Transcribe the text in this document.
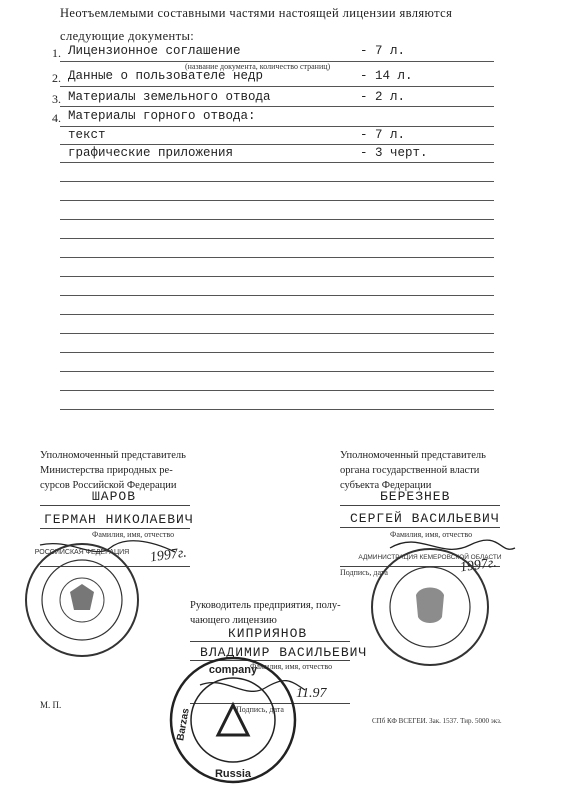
Неотъемлемыми составными частями настоящей лицензии являются
следующие документы:
1. Лицензионное соглашение	- 7 л.
(название документа, количество страниц)
2. Данные о пользователе недр	- 14 л.
3. Материалы земельного отвода	- 2 л.
4. Материалы горного отвода:
текст	- 7 л.
графические приложения	- 3 черт.
Уполномоченный представитель
Министерства природных ре-
сурсов Российской Федерации
ШАРОВ
ГЕРМАН НИКОЛАЕВИЧ
Фамилия, имя, отчество
1997г.
Уполномоченный представитель
органа государственной власти
субъекта Федерации
БЕРЕЗНЕВ
СЕРГЕЙ ВАСИЛЬЕВИЧ
Фамилия, имя, отчество
Подпись, дата	1997г.
Руководитель предприятия, полу-
чающего лицензию
КИПРИЯНОВ
ВЛАДИМИР ВАСИЛЬЕВИЧ
Фамилия, имя, отчество
Подпись, дата
11.97
РОССИЙСКАЯ ФЕДЕРАЦИЯ
АДМИНИСТРАЦИЯ КЕМЕРОВСКОЙ ОБЛАСТИ
company
Russia
Barzas
М. П.
СПб КФ ВСЕГЕИ. Зак. 1537. Тир. 5000 экз.
